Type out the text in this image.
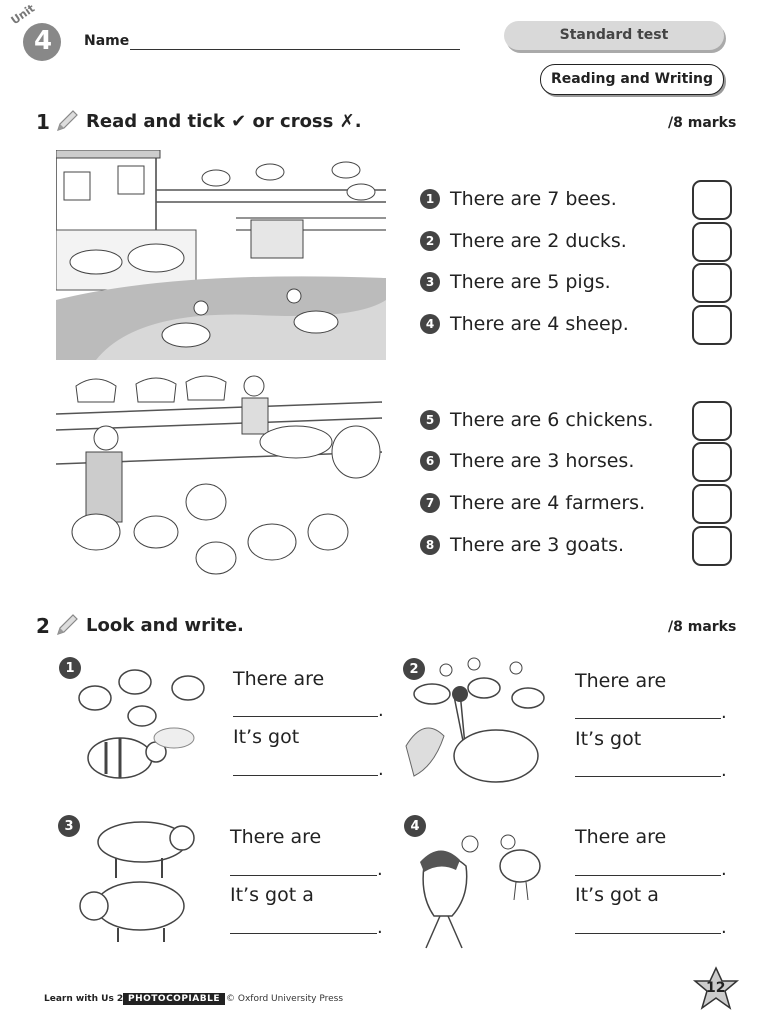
Unit
4 Name	Standard test
Reading and Writing
1 Read and tick ✔ or cross ✗.	/8 marks
1 There are 7 bees.
2 There are 2 ducks.
3 There are 5 pigs.
4 There are 4 sheep.
5 There are 6 chickens.
6 There are 3 horses.
7 There are 4 farmers.
8 There are 3 goats.
2 Look and write.	/8 marks
1	There are
.
It’s got
.
2
There are
.
It’s got
.
3	There are
.
It’s got a
.
4	There are
.
It’s got a
.
Learn with Us 2 PHOTOCOPIABLE © Oxford University Press
12
